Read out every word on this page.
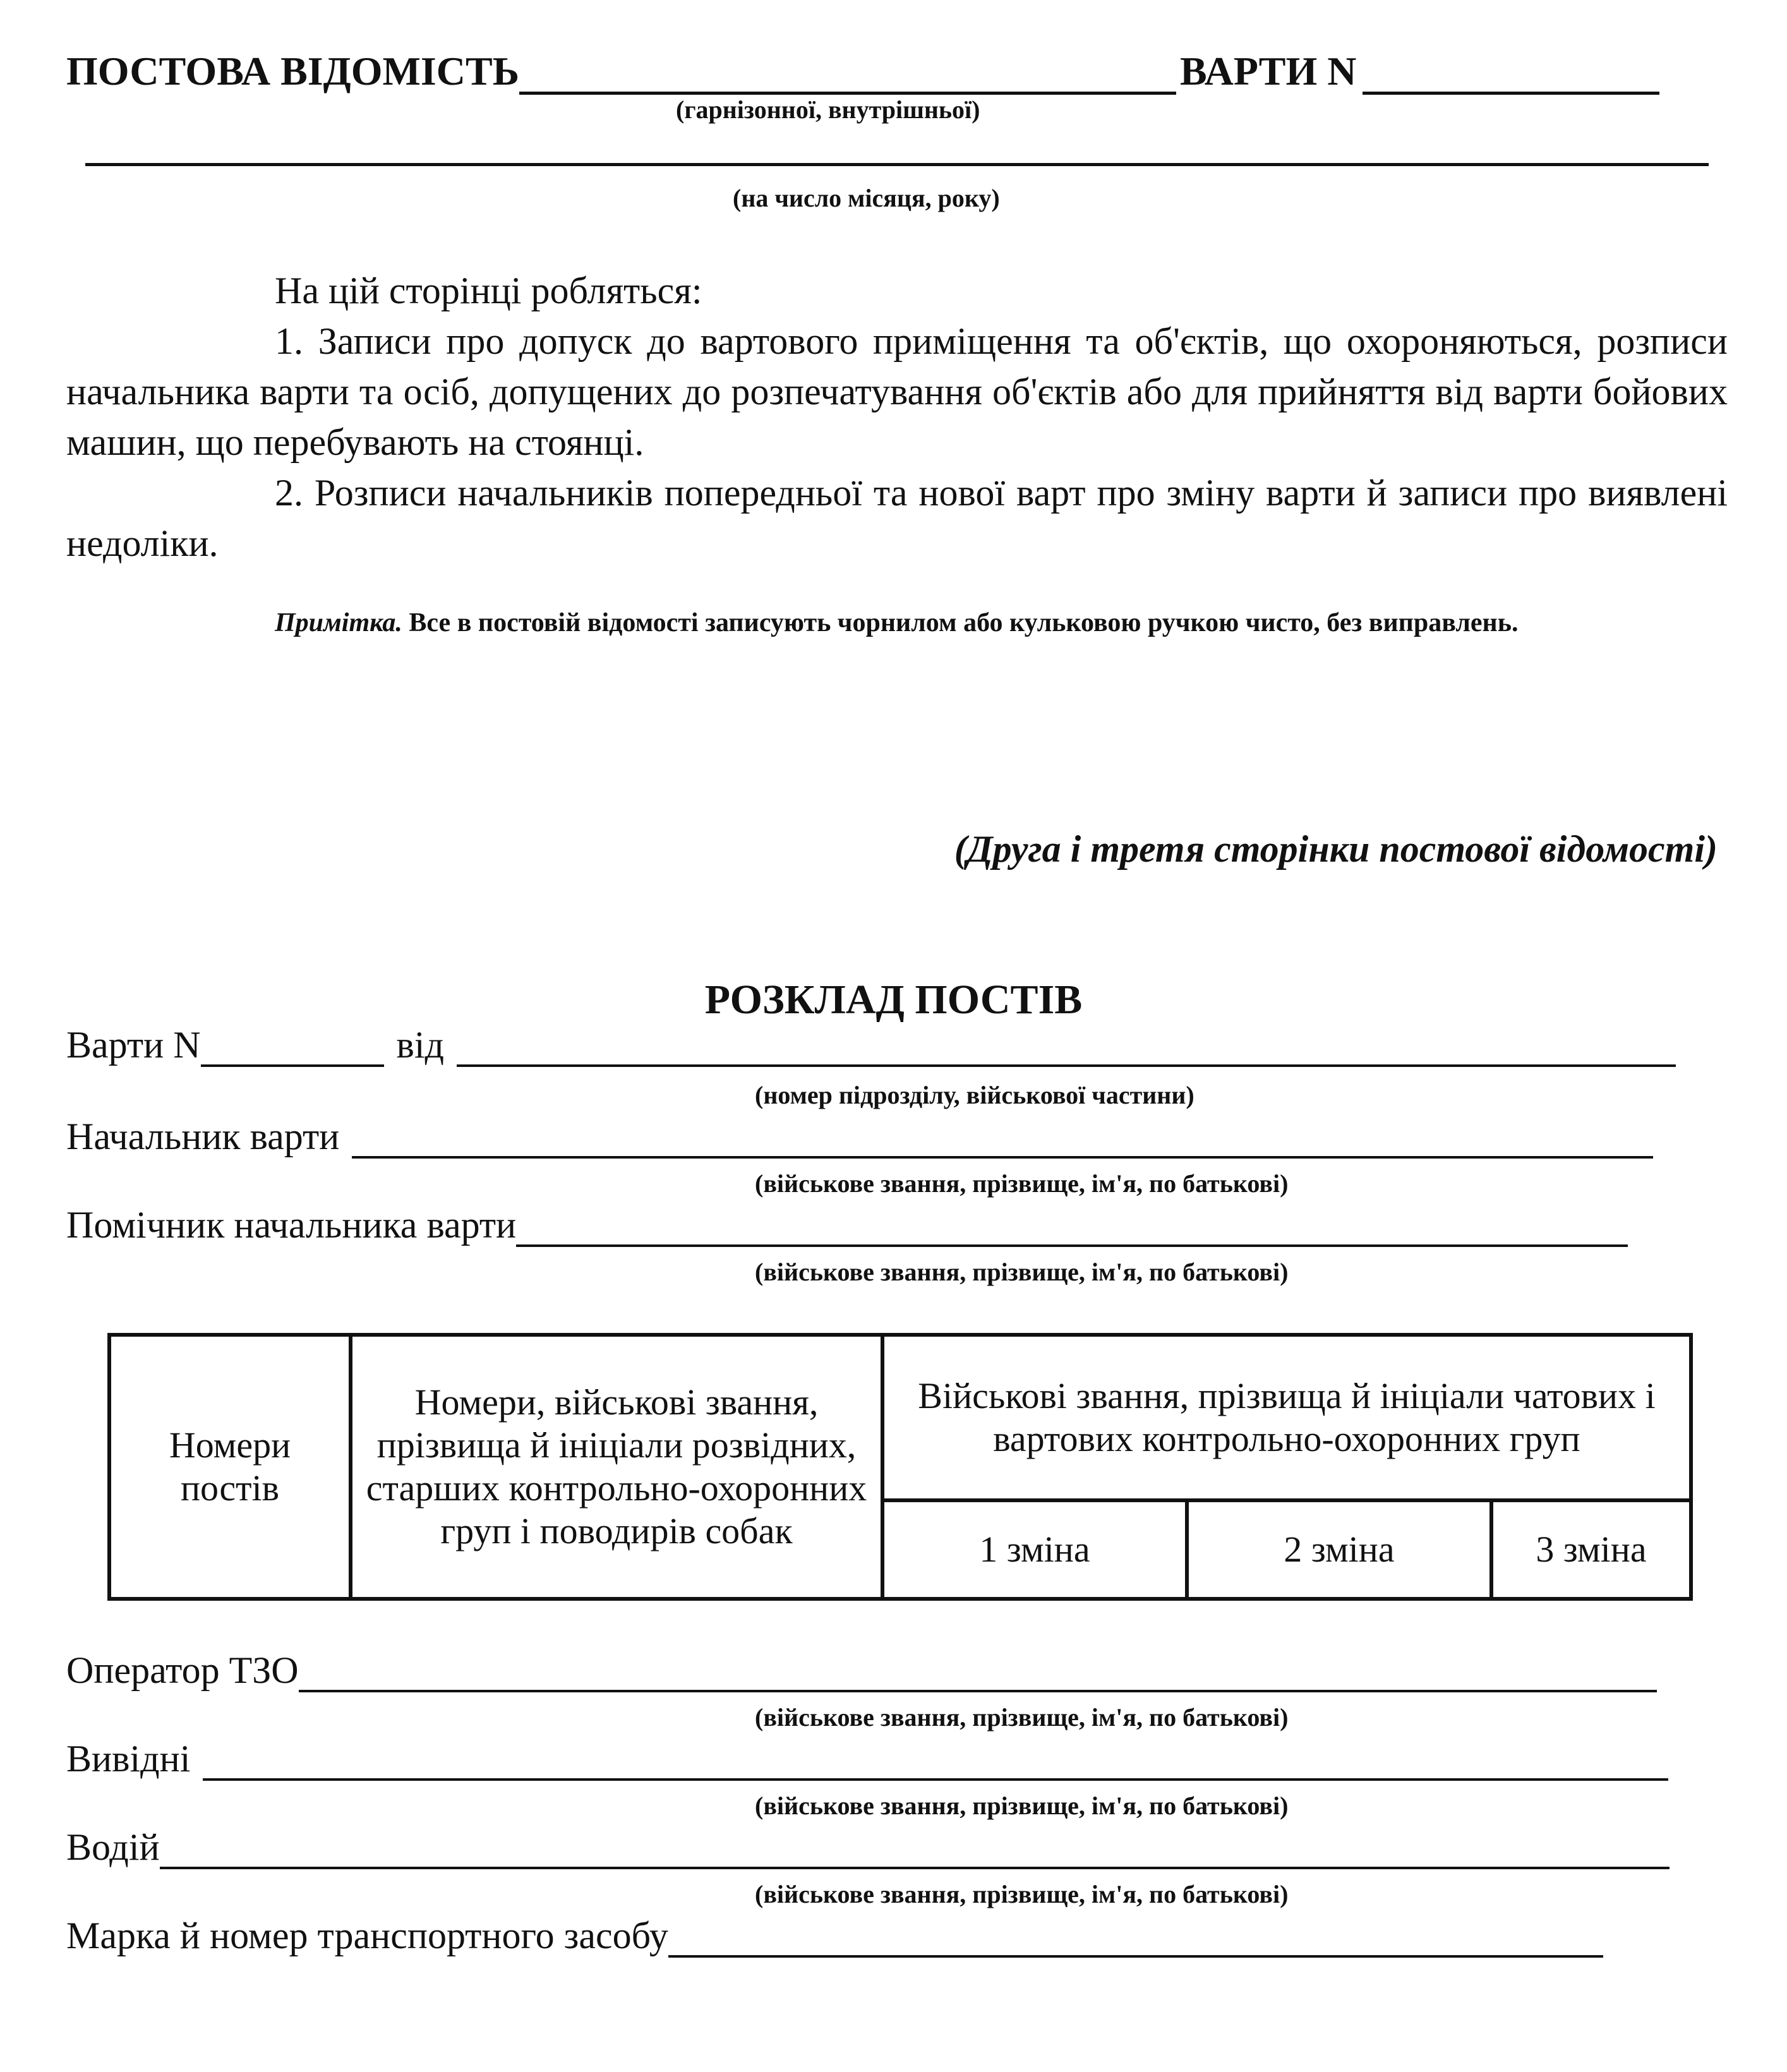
ПОСТОВА ВІДОМІСТЬ	ВАРТИ N
(гарнізонної, внутрішньої)
(на число місяця, року)
На цій сторінці робляться:
1. Записи про допуск до вартового приміщення та об'єктів, що охороняються, розписи начальника варти та осіб, допущених до розпечатування об'єктів або для прийняття від варти бойових машин, що перебувають на стоянці.
2. Розписи начальників попередньої та нової варт про зміну варти й записи про виявлені недоліки.
Примітка. Все в постовій відомості записують чорнилом або кульковою ручкою чисто, без виправлень.
(Друга і третя сторінки постової відомості)
РОЗКЛАД ПОСТІВ
Варти N	від
(номер підрозділу, військової частини)
Начальник варти
(військове звання, прізвище, ім'я, по батькові)
Помічник начальника варти
(військове звання, прізвище, ім'я, по батькові)
Номери постів	Номери, військові звання, прізвища й ініціали розвідних, старших контрольно-охоронних груп і поводирів собак	Військові звання, прізвища й ініціали чатових і вартових контрольно-охоронних груп		
		1 зміна	2 зміна	3 зміна
Оператор ТЗО
(військове звання, прізвище, ім'я, по батькові)
Вивідні
(військове звання, прізвище, ім'я, по батькові)
Водій
(військове звання, прізвище, ім'я, по батькові)
Марка й номер транспортного засобу
